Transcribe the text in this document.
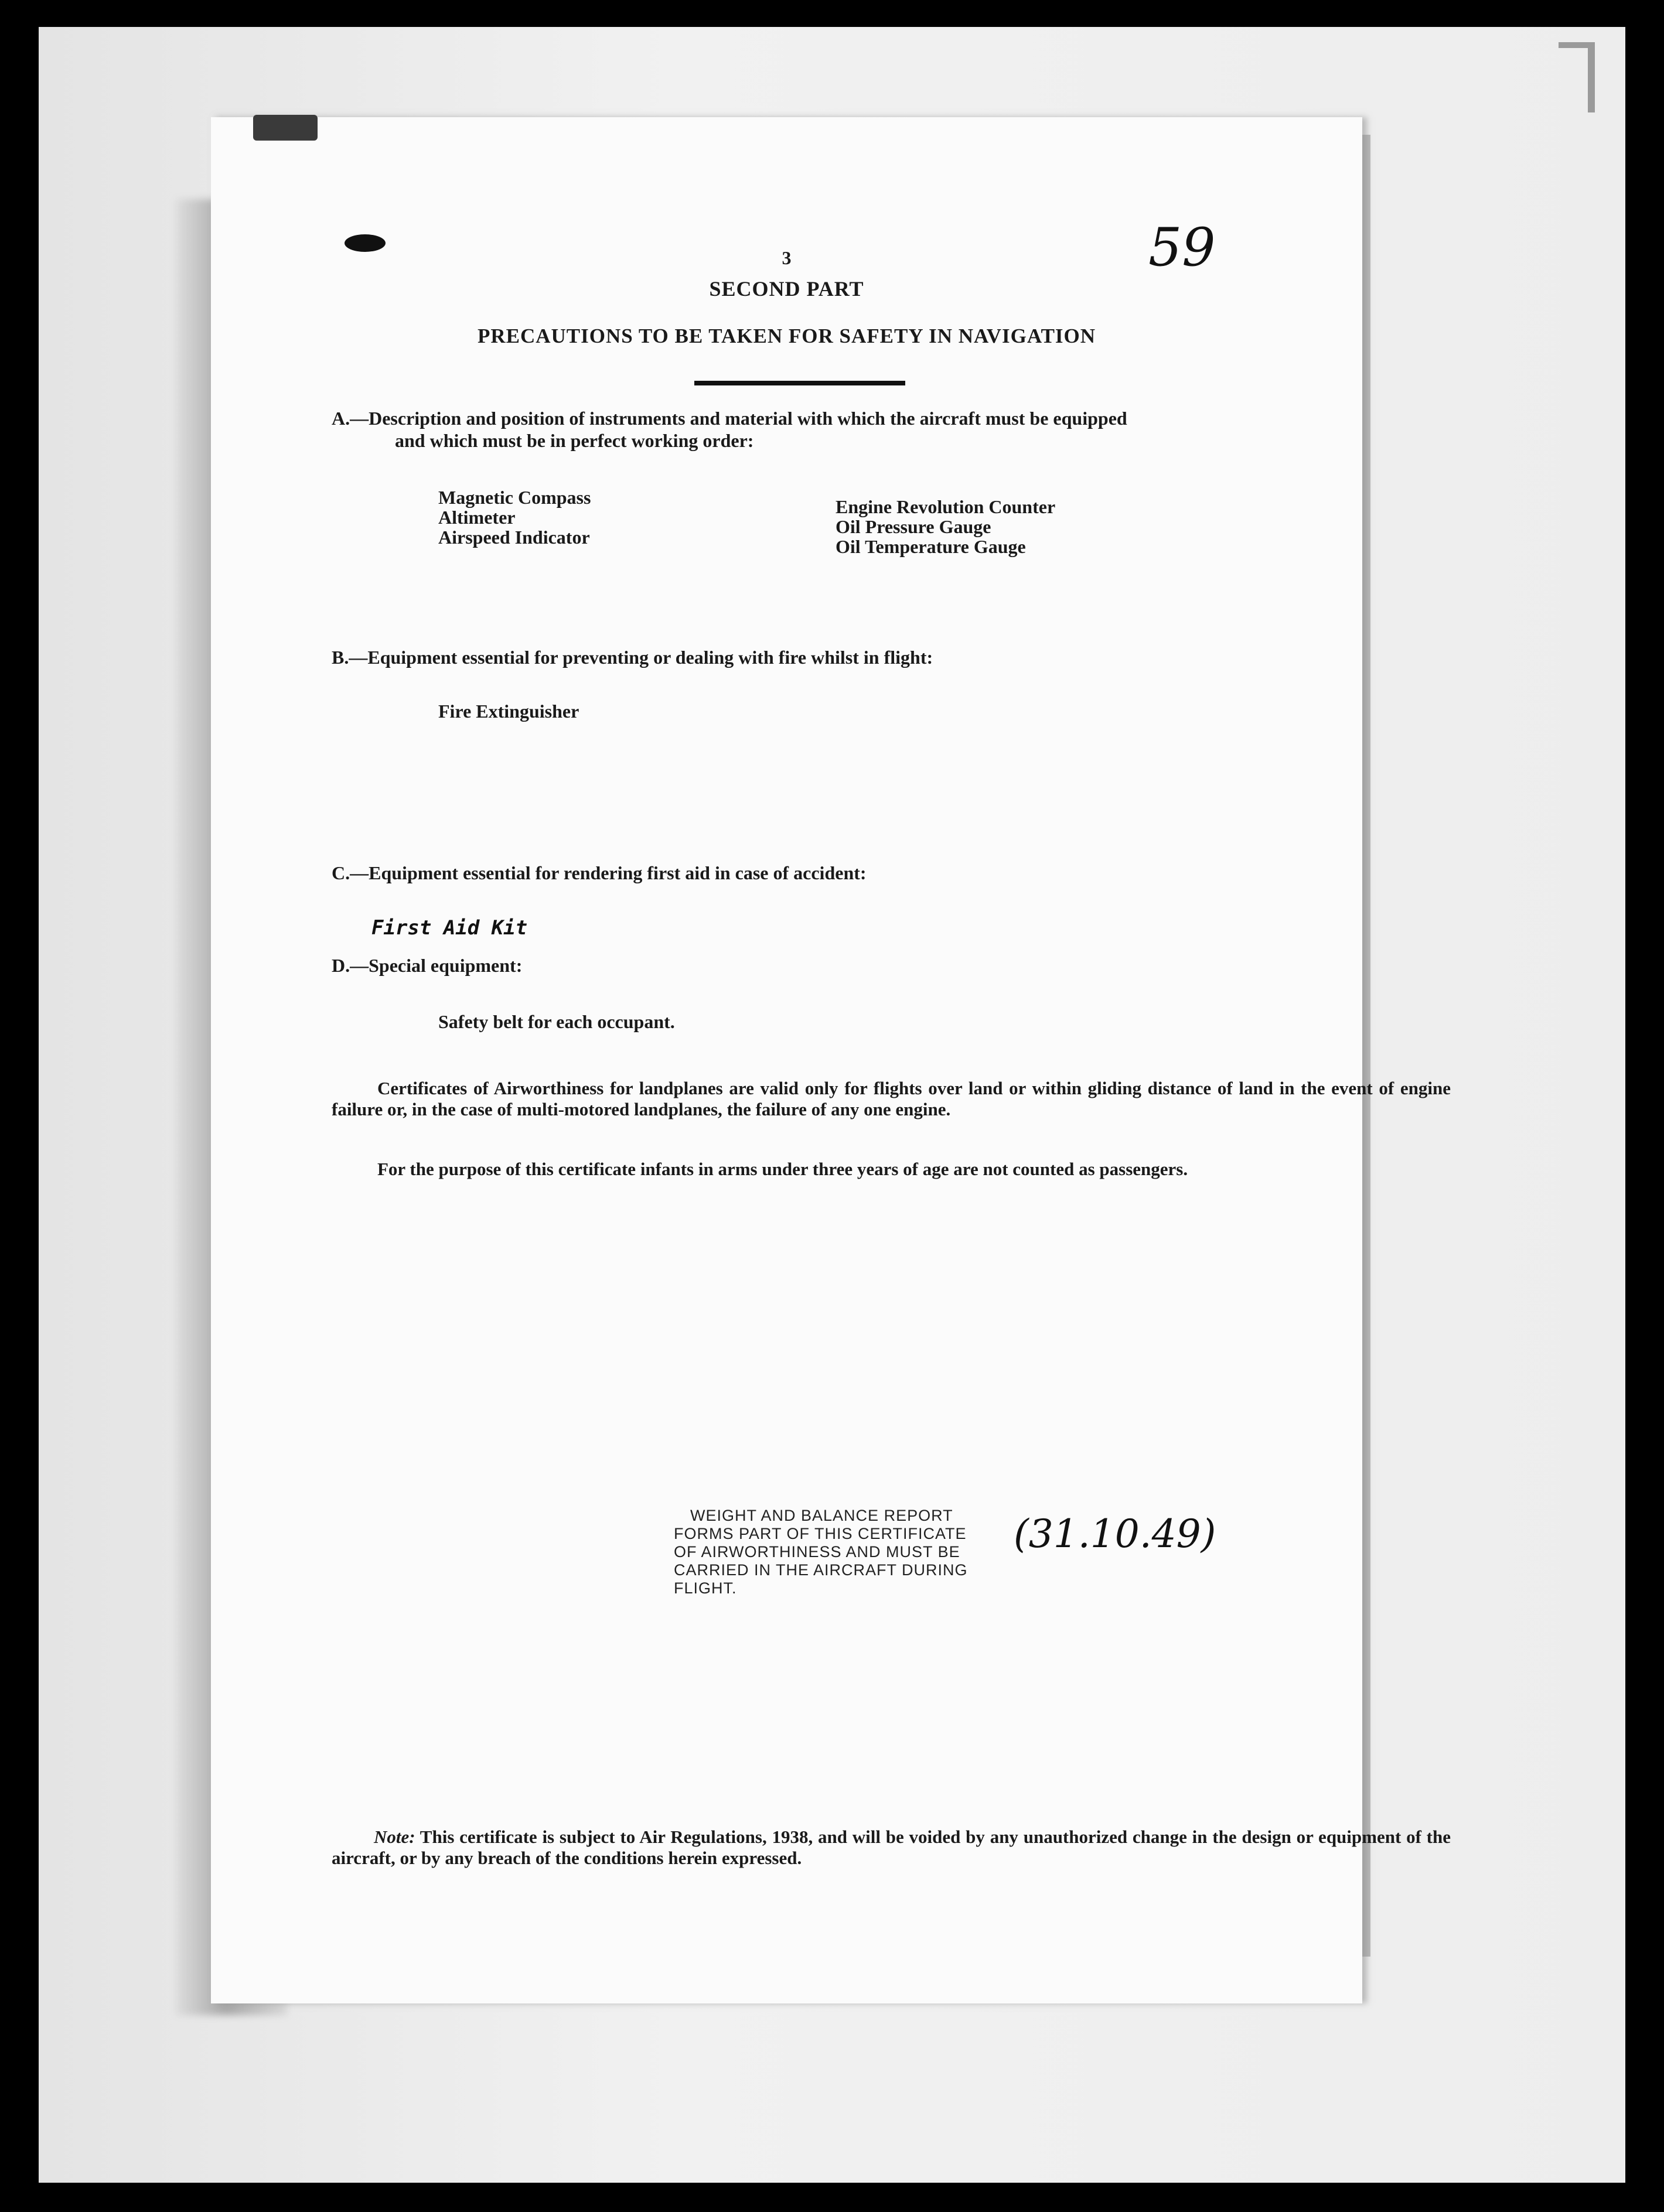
3	59
SECOND PART
PRECAUTIONS TO BE TAKEN FOR SAFETY IN NAVIGATION
A.—Description and position of instruments and material with which the aircraft must be equipped
and which must be in perfect working order:
Magnetic Compass
Altimeter
Airspeed Indicator
Engine Revolution Counter
Oil Pressure Gauge
Oil Temperature Gauge
B.—Equipment essential for preventing or dealing with fire whilst in flight:
Fire Extinguisher
C.—Equipment essential for rendering first aid in case of accident:
First Aid Kit
D.—Special equipment:
Safety belt for each occupant.
Certificates of Airworthiness for landplanes are valid only for flights over land or within gliding distance of land in the event of engine failure or, in the case of multi-motored landplanes, the failure of any one engine.
For the purpose of this certificate infants in arms under three years of age are not counted as passengers.
WEIGHT AND BALANCE REPORT
FORMS PART OF THIS CERTIFICATE
OF AIRWORTHINESS AND MUST BE
CARRIED IN THE AIRCRAFT DURING
FLIGHT.
(31.10.49)
Note: This certificate is subject to Air Regulations, 1938, and will be voided by any unauthorized change in the design or equipment of the aircraft, or by any breach of the conditions herein expressed.
